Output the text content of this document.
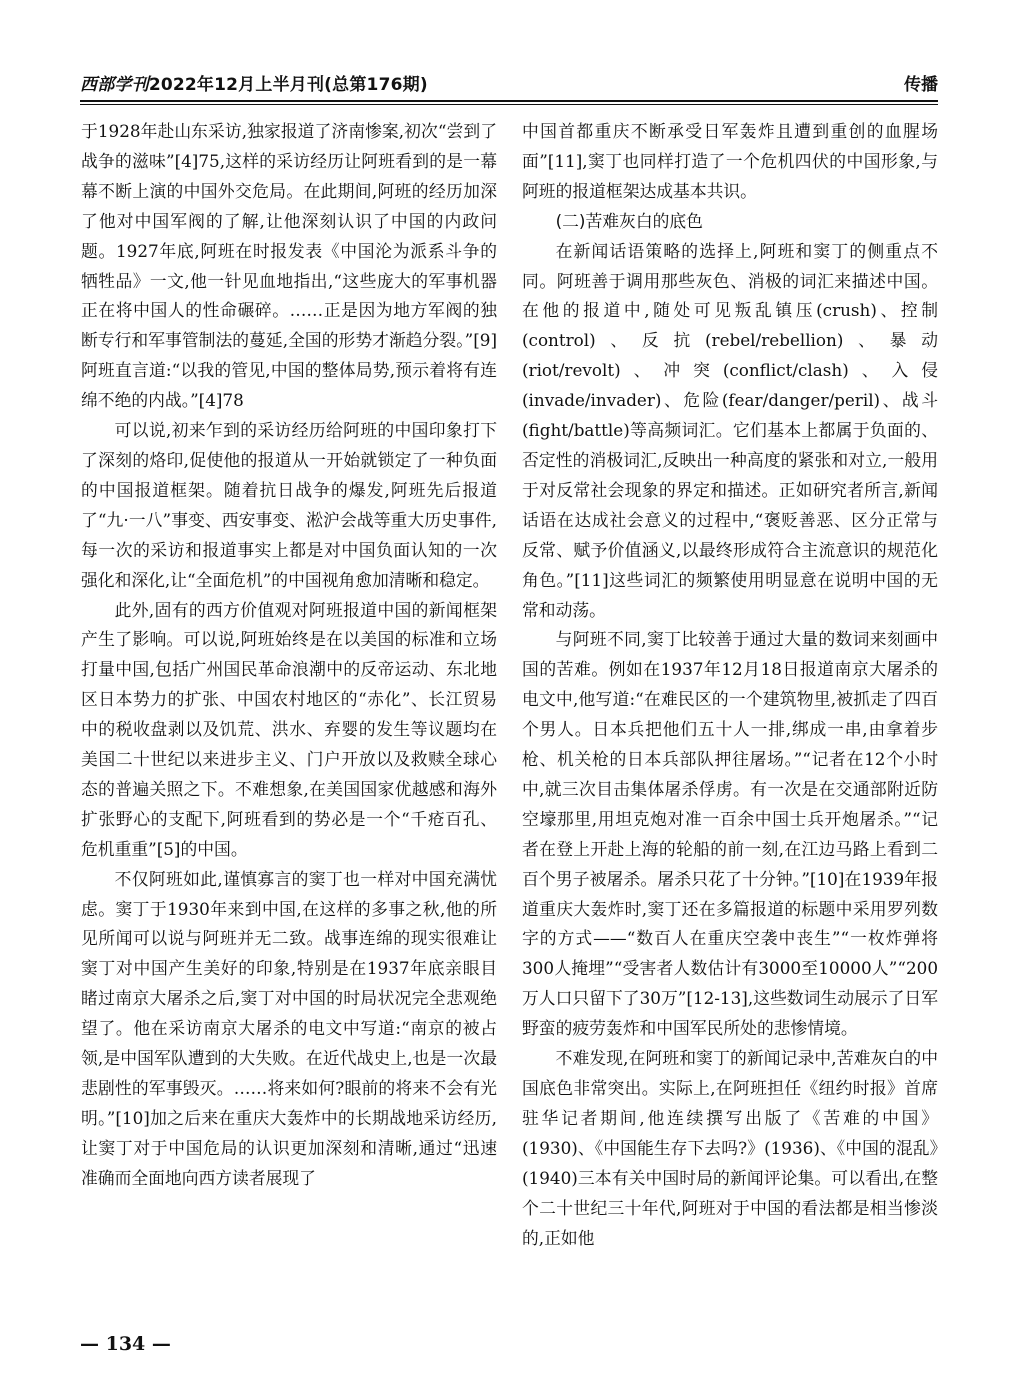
西部学刊2022年12月上半月刊(总第176期)	传播

于1928年赴山东采访,独家报道了济南惨案,初次“尝到了战争的滋味”[4]75,这样的采访经历让阿班看到的是一幕幕不断上演的中国外交危局。在此期间,阿班的经历加深了他对中国军阀的了解,让他深刻认识了中国的内政问题。1927年底,阿班在时报发表《中国沦为派系斗争的牺牲品》一文,他一针见血地指出,“这些庞大的军事机器正在将中国人的性命碾碎。……正是因为地方军阀的独断专行和军事管制法的蔓延,全国的形势才渐趋分裂。”[9]阿班直言道:“以我的管见,中国的整体局势,预示着将有连绵不绝的内战。”[4]78

可以说,初来乍到的采访经历给阿班的中国印象打下了深刻的烙印,促使他的报道从一开始就锁定了一种负面的中国报道框架。随着抗日战争的爆发,阿班先后报道了“九·一八”事变、西安事变、淞沪会战等重大历史事件,每一次的采访和报道事实上都是对中国负面认知的一次强化和深化,让“全面危机”的中国视角愈加清晰和稳定。

此外,固有的西方价值观对阿班报道中国的新闻框架产生了影响。可以说,阿班始终是在以美国的标准和立场打量中国,包括广州国民革命浪潮中的反帝运动、东北地区日本势力的扩张、中国农村地区的“赤化”、长江贸易中的税收盘剥以及饥荒、洪水、弃婴的发生等议题均在美国二十世纪以来进步主义、门户开放以及救赎全球心态的普遍关照之下。不难想象,在美国国家优越感和海外扩张野心的支配下,阿班看到的势必是一个“千疮百孔、危机重重”[5]的中国。

不仅阿班如此,谨慎寡言的窦丁也一样对中国充满忧虑。窦丁于1930年来到中国,在这样的多事之秋,他的所见所闻可以说与阿班并无二致。战事连绵的现实很难让窦丁对中国产生美好的印象,特别是在1937年底亲眼目睹过南京大屠杀之后,窦丁对中国的时局状况完全悲观绝望了。他在采访南京大屠杀的电文中写道:“南京的被占领,是中国军队遭到的大失败。在近代战史上,也是一次最悲剧性的军事毁灭。……将来如何?眼前的将来不会有光明。”[10]加之后来在重庆大轰炸中的长期战地采访经历,让窦丁对于中国危局的认识更加深刻和清晰,通过“迅速准确而全面地向西方读者展现了

中国首都重庆不断承受日军轰炸且遭到重创的血腥场面”[11],窦丁也同样打造了一个危机四伏的中国形象,与阿班的报道框架达成基本共识。

(二)苦难灰白的底色

在新闻话语策略的选择上,阿班和窦丁的侧重点不同。阿班善于调用那些灰色、消极的词汇来描述中国。在他的报道中,随处可见叛乱镇压(crush)、控制(control)、反抗(rebel/rebellion)、暴动(riot/revolt)、冲突(conflict/clash)、入侵(invade/invader)、危险(fear/danger/peril)、战斗(fight/battle)等高频词汇。它们基本上都属于负面的、否定性的消极词汇,反映出一种高度的紧张和对立,一般用于对反常社会现象的界定和描述。正如研究者所言,新闻话语在达成社会意义的过程中,“褒贬善恶、区分正常与反常、赋予价值涵义,以最终形成符合主流意识的规范化角色。”[11]这些词汇的频繁使用明显意在说明中国的无常和动荡。

与阿班不同,窦丁比较善于通过大量的数词来刻画中国的苦难。例如在1937年12月18日报道南京大屠杀的电文中,他写道:“在难民区的一个建筑物里,被抓走了四百个男人。日本兵把他们五十人一排,绑成一串,由拿着步枪、机关枪的日本兵部队押往屠场。”“记者在12个小时中,就三次目击集体屠杀俘虏。有一次是在交通部附近防空壕那里,用坦克炮对准一百余中国士兵开炮屠杀。”“记者在登上开赴上海的轮船的前一刻,在江边马路上看到二百个男子被屠杀。屠杀只花了十分钟。”[10]在1939年报道重庆大轰炸时,窦丁还在多篇报道的标题中采用罗列数字的方式——“数百人在重庆空袭中丧生”“一枚炸弹将300人掩埋”“受害者人数估计有3000至10000人”“200万人口只留下了30万”[12-13],这些数词生动展示了日军野蛮的疲劳轰炸和中国军民所处的悲惨情境。

不难发现,在阿班和窦丁的新闻记录中,苦难灰白的中国底色非常突出。实际上,在阿班担任《纽约时报》首席驻华记者期间,他连续撰写出版了《苦难的中国》(1930)、《中国能生存下去吗?》(1936)、《中国的混乱》(1940)三本有关中国时局的新闻评论集。可以看出,在整个二十世纪三十年代,阿班对于中国的看法都是相当惨淡的,正如他

— 134 —
